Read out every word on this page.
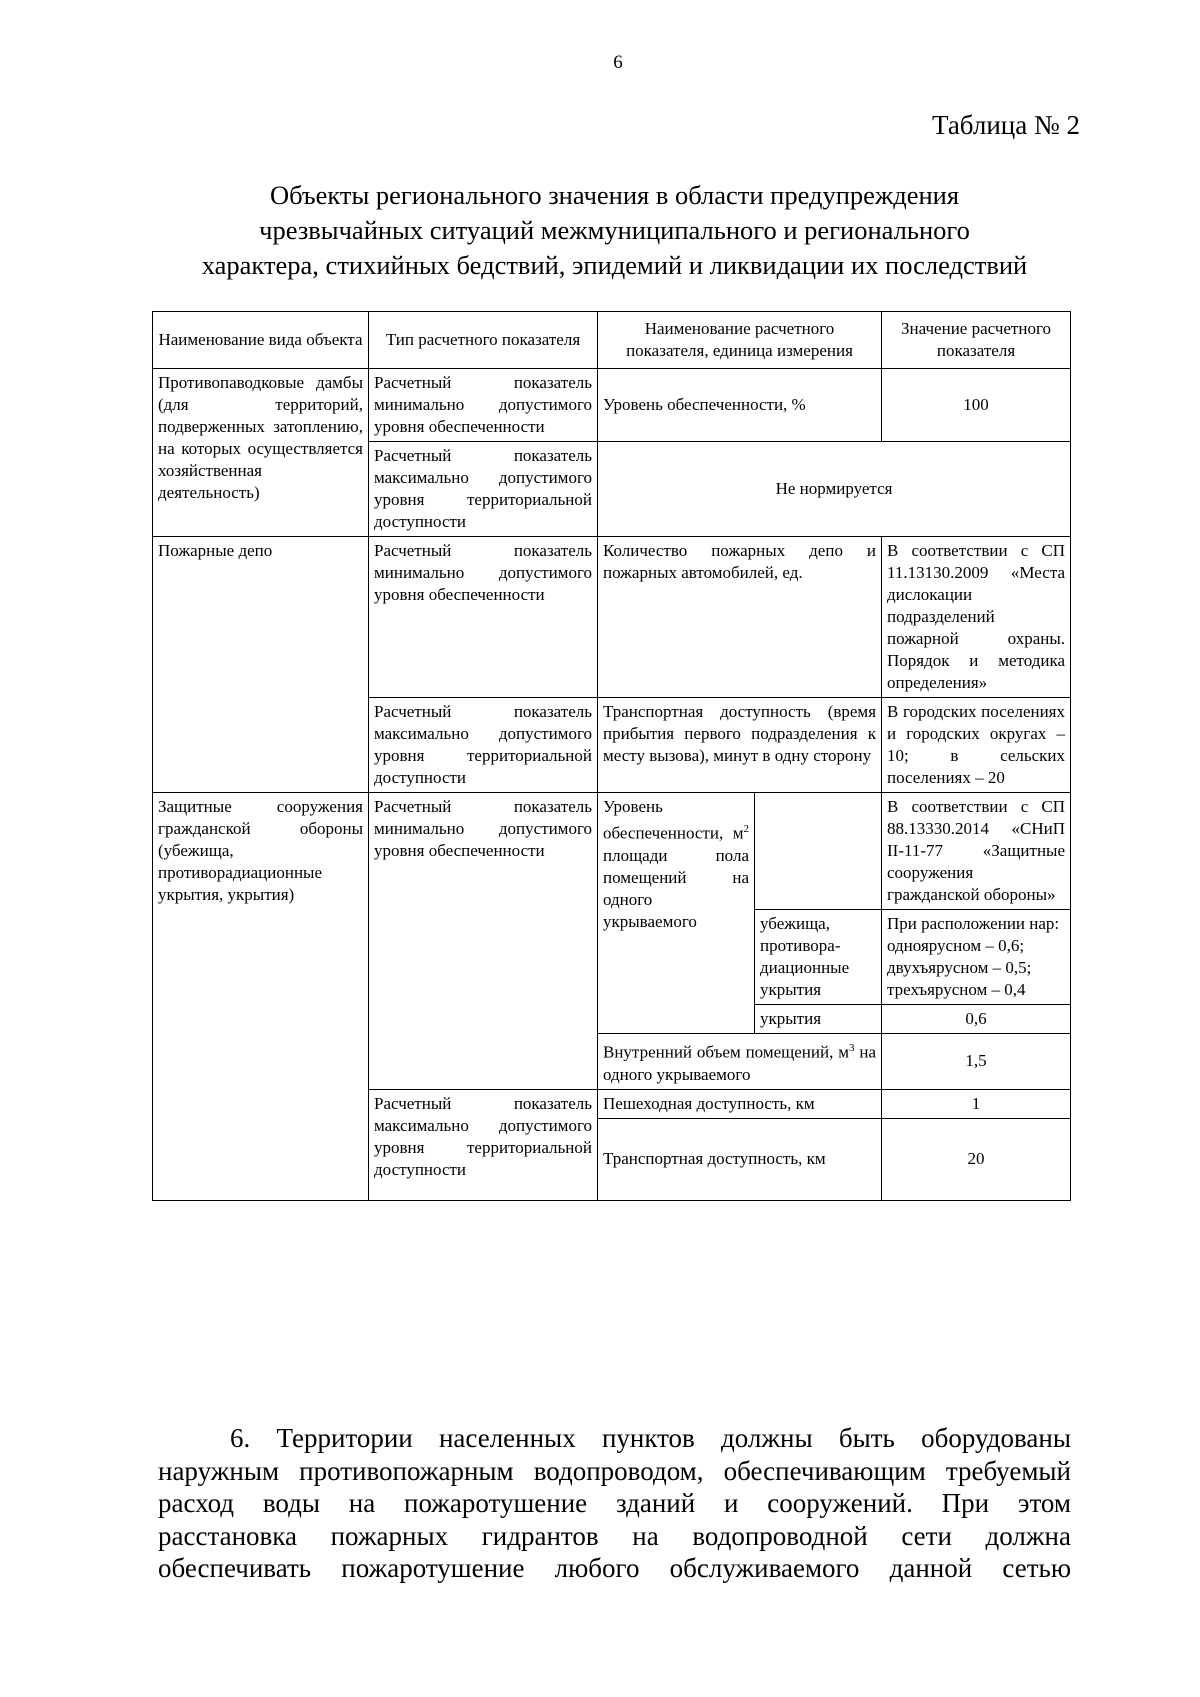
6
Таблица № 2
Объекты регионального значения в области предупреждения
чрезвычайных ситуаций межмуниципального и регионального
характера, стихийных бедствий, эпидемий и ликвидации их последствий
Наименование вида объекта	Тип расчетного показателя	Наименование расчетного показателя, единица измерения		Значение расчетного показателя
Противопаводковые дамбы (для территорий, подверженных затоплению, на которых осуществляется хозяйственная деятельность)	Расчетный показатель минимально допустимого уровня обеспеченности	Уровень обеспеченности, %		100
	Расчетный показатель максимально допустимого уровня территориальной доступности	Не нормируется		
Пожарные депо	Расчетный показатель минимально допустимого уровня обеспеченности	Количество пожарных депо и пожарных автомобилей, ед.		В соответствии с СП 11.13130.2009 «Места дислокации подразделений пожарной охраны. Порядок и методика определения»
	Расчетный показатель максимально допустимого уровня территориальной доступности	Транспортная доступность (время прибытия первого подразделения к месту вызова), минут в одну сторону		В городских поселениях и городских округах – 10; в сельских поселениях – 20
Защитные сооружения гражданской обороны (убежища, противорадиационные укрытия, укрытия)	Расчетный показатель минимально допустимого уровня обеспеченности	Уровень обеспеченности, $м^2$ площади пола помещений на одного укрываемого		В соответствии с СП 88.13330.2014 «СНиП II-11-77 «Защитные сооружения гражданской обороны»
			убежища, противора-диационные укрытия	При расположении нар: одноярусном – 0,6; двухъярусном – 0,5; трехъярусном – 0,4
			укрытия	0,6
		Внутренний объем помещений, $м^3$ на одного укрываемого		1,5
	Расчетный показатель максимально допустимого уровня территориальной доступности	Пешеходная доступность, км		1
		Транспортная доступность, км		20
6. Территории населенных пунктов должны быть оборудованы
наружным противопожарным водопроводом, обеспечивающим требуемый
расход воды на пожаротушение зданий и сооружений. При этом
расстановка пожарных гидрантов на водопроводной сети должна
обеспечивать пожаротушение любого обслуживаемого данной сетью
